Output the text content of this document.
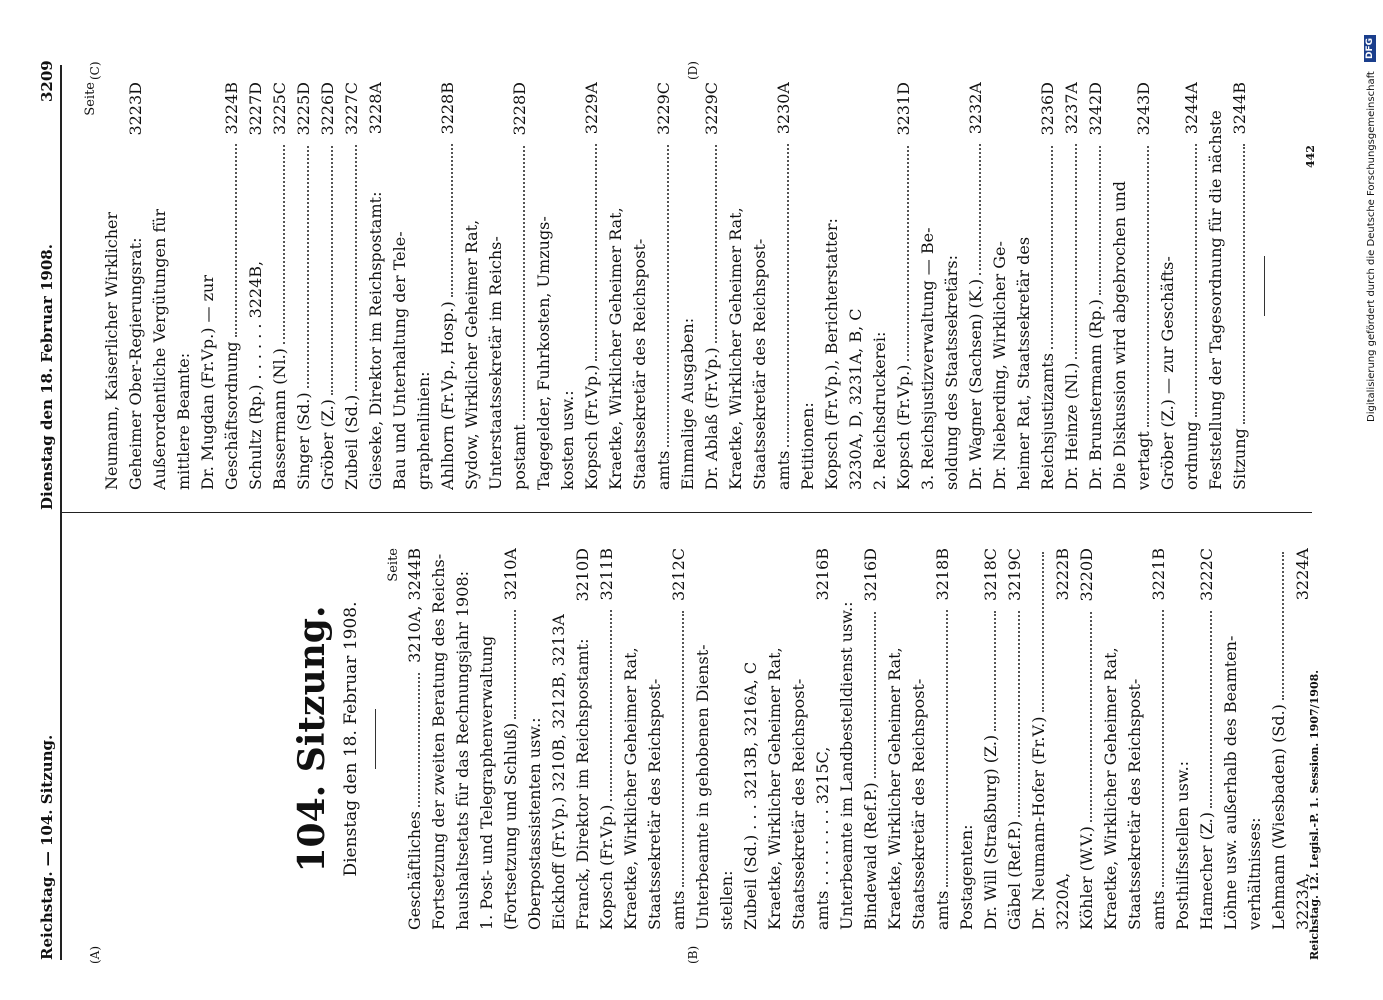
Reichstag. — 104. Sitzung.
Dienstag den 18. Februar 1908.
3209
(A)	(B)
(C)	(D)
104. Sitzung. Dienstag den 18. Februar 1908.
Seite
Geschäftliches
3210A, 3244B Fortsetzung der zweiten Beratung des Reichs- haushaltsetats für das Rechnungsjahr 1908: 1. Post- und Telegraphenverwaltung (Fortsetzung und Schluß)
3210A
Oberpostassistenten usw.: Eickhoff (Fr.Vp.) 3210B, 3212B, 3213A Franck, Direktor im Reichspostamt:
3210D
Kopsch (Fr.Vp.)
3211B
Kraetke, Wirklicher Geheimer Rat, Staatssekretär des Reichspost- amts
3212C
Unterbeamte in gehobenen Dienst- stellen: Zubeil (Sd.) . . . 3213B, 3216A, C Kraetke, Wirklicher Geheimer Rat, Staatssekretär des Reichspost- amts . . . . . . . . 3215C,
3216B
Unterbeamte im Landbestelldienst usw.: Bindewald (Ref.P.)
3216D
Kraetke, Wirklicher Geheimer Rat, Staatssekretär des Reichspost- amts
3218B
Postagenten: Dr. Will (Straßburg) (Z.)
3218C
Gäbel (Ref.P.)
3219C
Dr. Neumann-Hofer (Fr.V.) 3220A,
3222B
Köhler (W.V.)
3220D
Kraetke, Wirklicher Geheimer Rat, Staatssekretär des Reichspost- amts
3221B
Posthilfsstellen usw.: Hamecher (Z.)
3222C
Löhne usw. außerhalb des Beamten- verhältnisses: Lehmann (Wiesbaden) (Sd.) 3223A,
3224A
Seite
Neumann, Kaiserlicher Wirklicher Geheimer Ober-Regierungsrat:
3223D
Außerordentliche Vergütungen für mittlere Beamte: Dr. Mugdan (Fr.Vp.) — zur Geschäftsordnung
3224B
Schultz (Rp.) . . . . . . 3224B,
3227D
Bassermann (Nl.)
3225C
Singer (Sd.)
3225D
Gröber (Z.)
3226D
Zubeil (Sd.)
3227C
Gieseke, Direktor im Reichspostamt:
3228A
Bau und Unterhaltung der Tele- graphenlinien: Ahlhorn (Fr.Vp., Hosp.)
3228B
Sydow, Wirklicher Geheimer Rat, Unterstaatssekretär im Reichs- postamt
3228D
Tagegelder, Fuhrkosten, Umzugs- kosten usw.: Kopsch (Fr.Vp.)
3229A
Kraetke, Wirklicher Geheimer Rat, Staatssekretär des Reichspost- amts
3229C
Einmalige Ausgaben: Dr. Ablaß (Fr.Vp.)
3229C
Kraetke, Wirklicher Geheimer Rat, Staatssekretär des Reichspost- amts
3230A
Petitionen: Kopsch (Fr.Vp.), Berichterstatter: 3230A, D, 3231A, B, C 2. Reichsdruckerei: Kopsch (Fr.Vp.)
3231D
3. Reichsjustizverwaltung — Be- soldung des Staatssekretärs: Dr. Wagner (Sachsen) (K.)
3232A
Dr. Nieberding, Wirklicher Ge- heimer Rat, Staatssekretär des Reichsjustizamts
3236D
Dr. Heinze (Nl.)
3237A
Dr. Brunstermann (Rp.)
3242D
Die Diskussion wird abgebrochen und vertagt
3243D
Gröber (Z.) — zur Geschäfts- ordnung
3244A
Feststellung der Tagesordnung für die nächste Sitzung
3244B
442
Reichstag. 12. Legisl.-P. 1. Session. 1907/1908.
Digitalisierung gefördert durch die Deutsche Forschungsgemeinschaft
DFG
